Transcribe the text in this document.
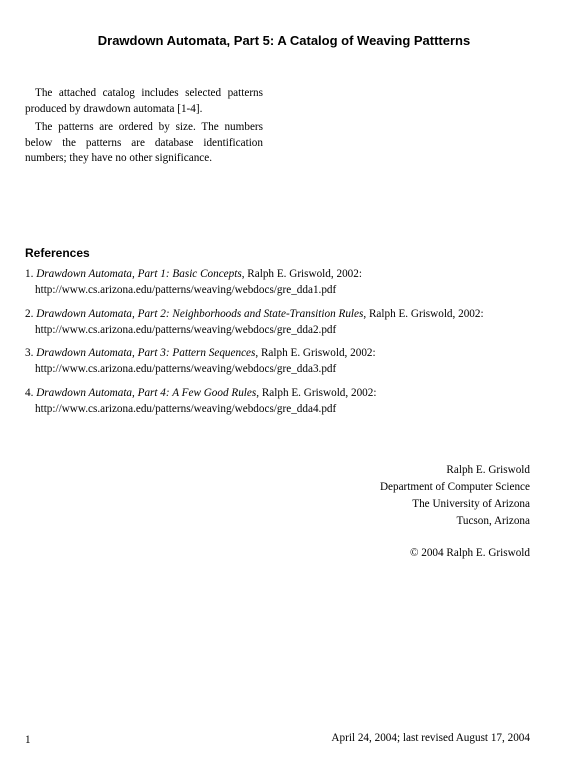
Drawdown Automata, Part 5: A Catalog of Weaving Pattterns

The attached catalog includes selected patterns produced by drawdown automata [1-4].

The patterns are ordered by size. The numbers below the patterns are database identification numbers; they have no other significance.

References
1. Drawdown Automata, Part 1: Basic Concepts, Ralph E. Griswold, 2002:
http://www.cs.arizona.edu/patterns/weaving/webdocs/gre_dda1.pdf
2. Drawdown Automata, Part 2: Neighborhoods and State-Transition Rules, Ralph E. Griswold, 2002:
http://www.cs.arizona.edu/patterns/weaving/webdocs/gre_dda2.pdf
3. Drawdown Automata, Part 3: Pattern Sequences, Ralph E. Griswold, 2002:
http://www.cs.arizona.edu/patterns/weaving/webdocs/gre_dda3.pdf
4. Drawdown Automata, Part 4: A Few Good Rules, Ralph E. Griswold, 2002:
http://www.cs.arizona.edu/patterns/weaving/webdocs/gre_dda4.pdf
Ralph E. Griswold
Department of Computer Science
The University of Arizona
Tucson, Arizona
© 2004 Ralph E. Griswold
1	April 24, 2004; last revised August 17, 2004
